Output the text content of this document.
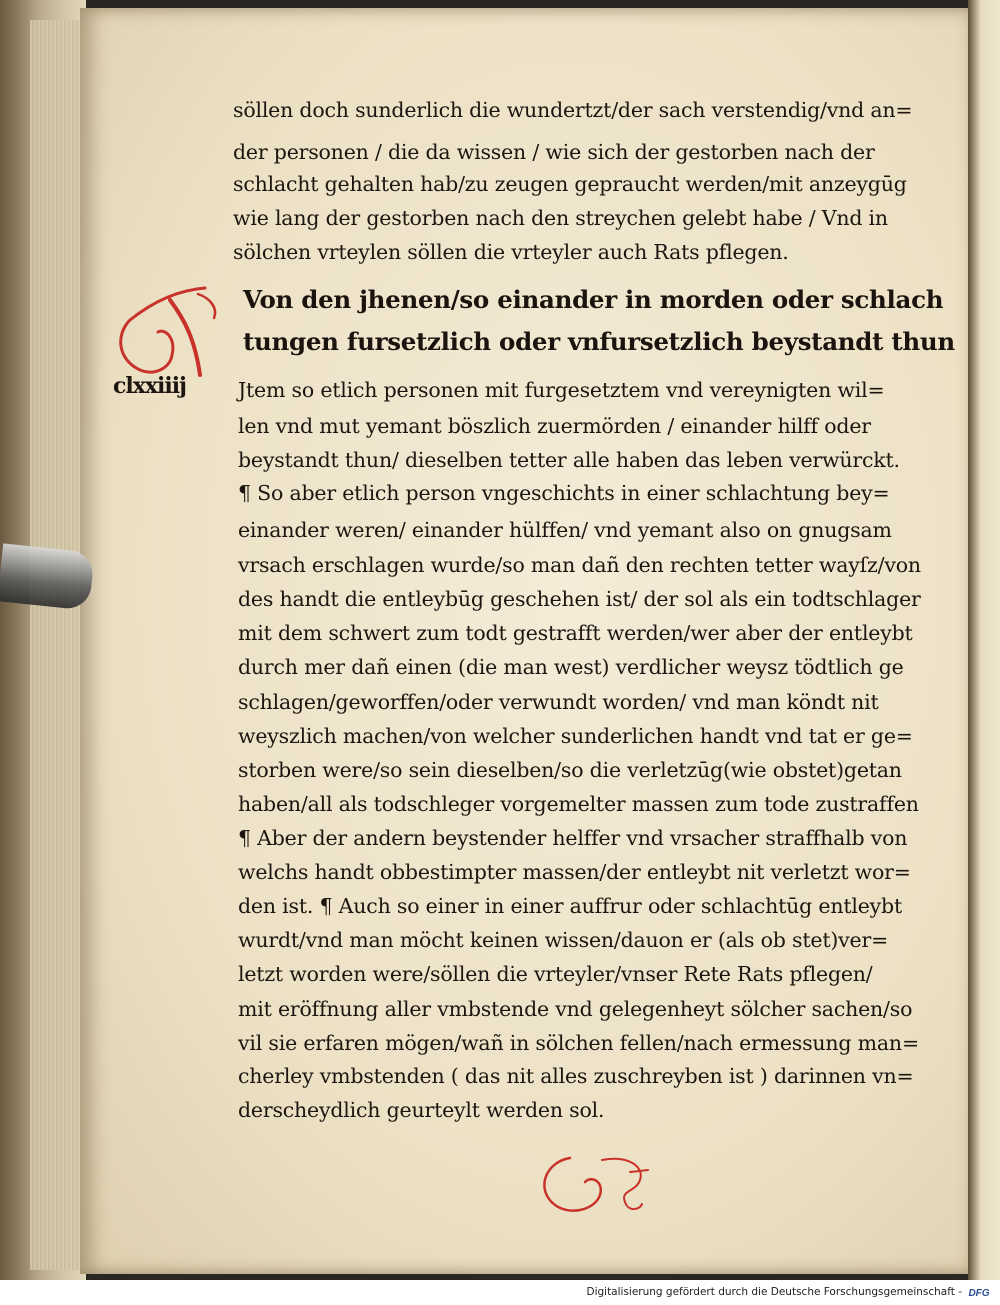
clxxiiij
söllen doch sunderlich die wundertzt/der sach verstendig/vnd an=
der personen / die da wissen / wie sich der gestorben nach der
schlacht gehalten hab/zu zeugen gepraucht werden/mit anzeygūg
wie lang der gestorben nach den streychen gelebt habe / Vnd in
sölchen vrteylen söllen die vrteyler auch Rats pflegen.
Von den jhenen/so einander in morden oder schlach
tungen fursetzlich oder vnfursetzlich beystandt thun
Jtem so etlich personen mit furgesetztem vnd vereynigten wil=
len vnd mut yemant böszlich zuermörden / einander hilff oder
beystandt thun/ dieselben tetter alle haben das leben verwürckt.
¶ So aber etlich person vngeschichts in einer schlachtung bey=
einander weren/ einander hülffen/ vnd yemant also on gnugsam
vrsach erschlagen wurde/so man dañ den rechten tetter wayſz/von
des handt die entleybūg geschehen ist/ der sol als ein todtschlager
mit dem schwert zum todt gestrafft werden/wer aber der entleybt
durch mer dañ einen (die man west) verdlicher weysz tödtlich ge
schlagen/geworffen/oder verwundt worden/ vnd man köndt nit
weyszlich machen/von welcher sunderlichen handt vnd tat er ge=
storben were/so sein dieselben/so die verletzūg(wie obstet)getan
haben/all als todschleger vorgemelter massen zum tode zustraffen
¶ Aber der andern beystender helffer vnd vrsacher straffhalb von
welchs handt obbestimpter massen/der entleybt nit verletzt wor=
den ist. ¶ Auch so einer in einer auffrur oder schlachtūg entleybt
wurdt/vnd man möcht keinen wissen/dauon er (als ob stet)ver=
letzt worden were/söllen die vrteyler/vnser Rete Rats pflegen/
mit eröffnung aller vmbstende vnd gelegenheyt sölcher sachen/so
vil sie erfaren mögen/wañ in sölchen fellen/nach ermessung man=
cherley vmbstenden ( das nit alles zuschreyben ist ) darinnen vn=
derscheydlich geurteylt werden sol.
Digitalisierung gefördert durch die Deutsche Forschungsgemeinschaft - DFG
